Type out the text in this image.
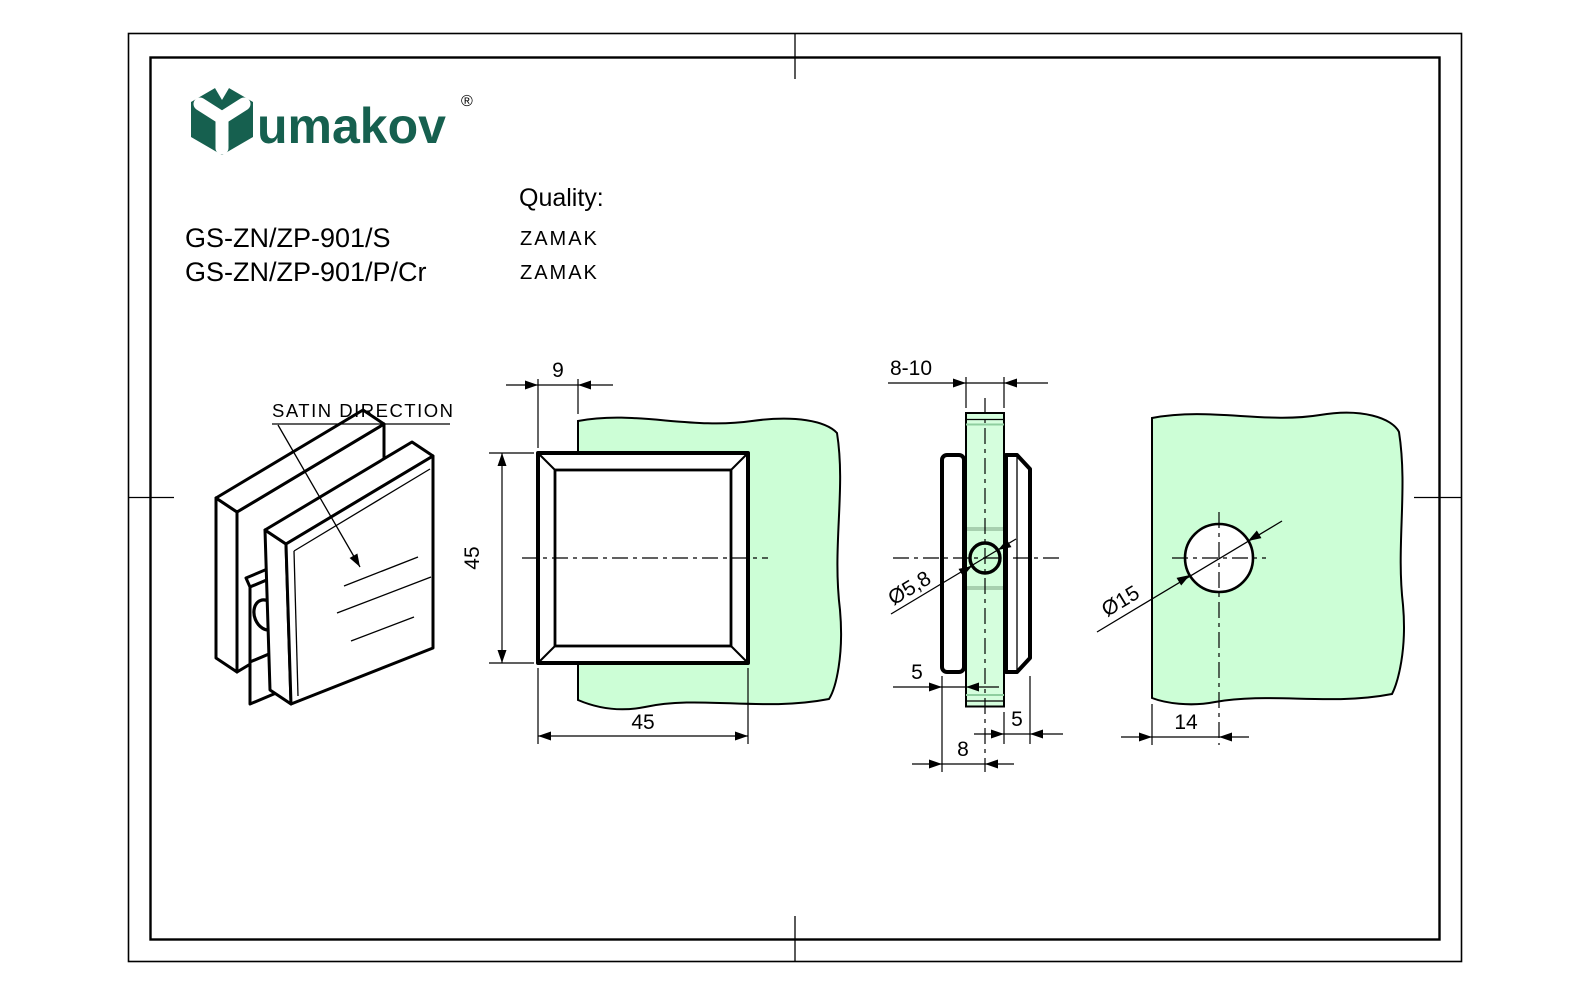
umakov ®
Quality:
GS-ZN/ZP-901/S
GS-ZN/ZP-901/P/Cr
ZAMAK
ZAMAK
SATIN DIRECTION
9
45
45
8-10
Ø5,8
5
5
8
Ø15
14
